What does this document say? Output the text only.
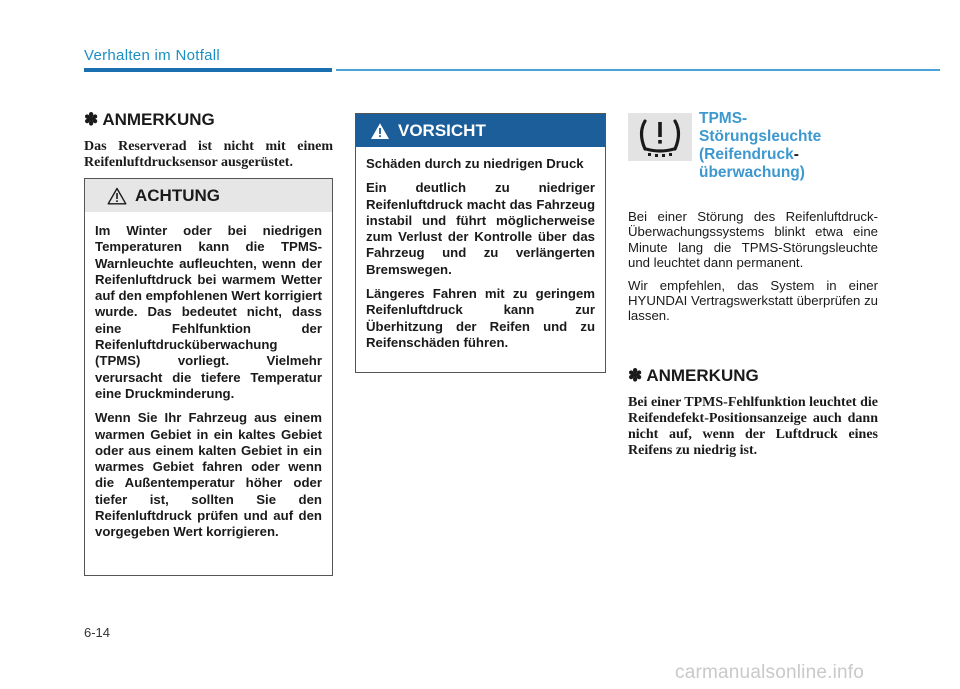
Verhalten im Notfall
✽ ANMERKUNG

Das Reserverad ist nicht mit einem Reifenluftdrucksensor ausgerüstet.

ACHTUNG

Im Winter oder bei niedrigen Temperaturen kann die TPMS-Warnleuchte aufleuchten, wenn der Reifenluftdruck bei warmem Wetter auf den empfohlenen Wert korrigiert wurde. Das bedeutet nicht, dass eine Fehlfunktion der Reifenluftdrucküberwachung (TPMS) vorliegt. Vielmehr verursacht die tiefere Temperatur eine Druckminderung.

Wenn Sie Ihr Fahrzeug aus einem warmen Gebiet in ein kaltes Gebiet oder aus einem kalten Gebiet in ein warmes Gebiet fahren oder wenn die Außentemperatur höher oder tiefer ist, sollten Sie den Reifenluftdruck prüfen und auf den vorgegeben Wert korrigieren.

VORSICHT

Schäden durch zu niedrigen Druck

Ein deutlich zu niedriger Reifenluftdruck macht das Fahrzeug instabil und führt möglicherweise zum Verlust der Kontrolle über das Fahrzeug und zu verlängerten Bremswegen.

Längeres Fahren mit zu geringem Reifenluftdruck kann zur Überhitzung der Reifen und zu Reifenschäden führen.

TPMS-
Störungsleuchte
(Reifendruck-
überwachung)

Bei einer Störung des Reifenluftdruck-Überwachungssystems blinkt etwa eine Minute lang die TPMS-Störungsleuchte und leuchtet dann permanent.

Wir empfehlen, das System in einer HYUNDAI Vertragswerkstatt überprüfen zu lassen.

✽ ANMERKUNG

Bei einer TPMS-Fehlfunktion leuchtet die Reifendefekt-Positionsanzeige auch dann nicht auf, wenn der Luftdruck eines Reifens zu niedrig ist.

6-14
carmanualsonline.info
